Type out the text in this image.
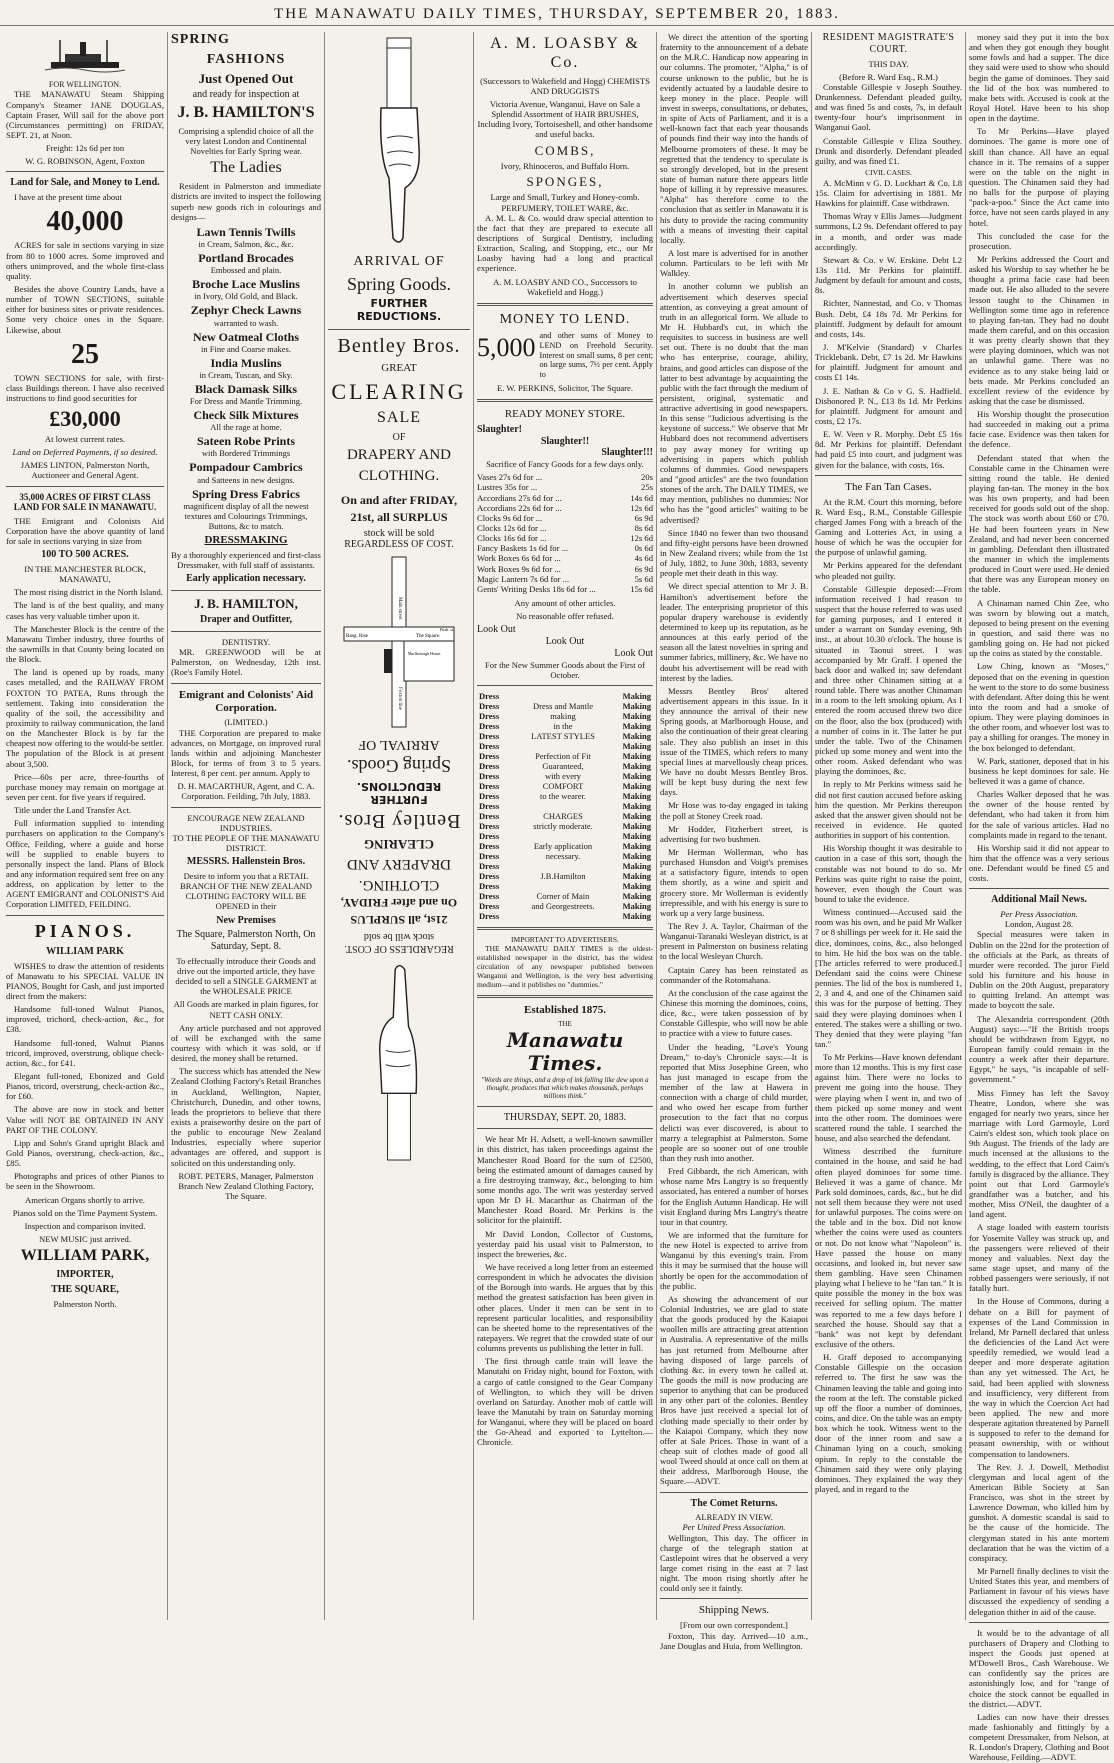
THE MANAWATU DAILY TIMES, THURSDAY, SEPTEMBER 20, 1883.
FOR WELLINGTON.

THE MANAWATU Steam Shipping Company's Steamer JANE DOUGLAS, Captain Fraser, Will sail for the above port (Circumstances permitting) on FRIDAY, SEPT. 21, at Noon.

Freight: 12s 6d per ton

W. G. ROBINSON, Agent, Foxton

Land for Sale, and Money to Lend.

I have at the present time about

40,000

ACRES for sale in sections varying in size from 80 to 1000 acres. Some improved and others unimproved, and the whole first-class quality.

Besides the above Country Lands, have a number of TOWN SECTIONS, suitable either for business sites or private residences. Some very choice ones in the Square. Likewise, about

25

TOWN SECTIONS for sale, with first-class Buildings thereon. I have also received instructions to find good securities for

£30,000

At lowest current rates.

Land on Deferred Payments, if so desired.

JAMES LINTON, Palmerston North, Auctioneer and General Agent.

35,000 ACRES OF FIRST CLASS LAND FOR SALE IN MANAWATU.

THE Emigrant and Colonists Aid Corporation have the above quantity of land for sale in sections varying in size from

100 TO 500 ACRES.

IN THE MANCHESTER BLOCK, MANAWATU,

The most rising district in the North Island.

The land is of the best quality, and many cases has very valuable timber upon it.

The Manchester Block is the centre of the Manawatu Timber industry, three fourths of the sawmills in that County being located on the Block.

The land is opened up by roads, many cases metalled, and the RAILWAY FROM FOXTON TO PATEA, Runs through the settlement. Taking into consideration the quality of the soil, the accessibility and proximity to railway communication, the land on the Manchester Block is by far the cheapest now offering to the would-be settler. The population of the Block is at present about 3,500.

Price—60s per acre, three-fourths of purchase money may remain on mortgage at seven per cent. for five years if required.

Title under the Land Transfer Act.

Full information supplied to intending purchasers on application to the Company's Office, Feilding, where a guide and horse will be supplied to enable buyers to personally inspect the land. Plans of Block and any information required sent free on any address, on application by letter to the AGENT EMIGRANT and COLONIST'S Aid Corporation LIMITED, FEILDING.

PIANOS.
WILLIAM PARK

WISHES to draw the attention of residents of Manawatu to his SPECIAL VALUE IN PIANOS, Bought for Cash, and just imported direct from the makers:

Handsome full-toned Walnut Pianos, improved, trichord, check-action, &c., for £38.

Handsome full-toned, Walnut Pianos tricord, improved, overstrung, oblique check-action, &c., for £41.

Elegant full-toned, Ebonized and Gold Pianos, tricord, overstrung, check-action &c., for £60.

The above are now in stock and better Value will NOT BE OBTAINED IN ANY PART OF THE COLONY.

Lipp and Sohn's Grand upright Black and Gold Pianos, overstrung, check-action, &c., £85.

Photographs and prices of other Pianos to be seen in the Showroom.

American Organs shortly to arrive.

Pianos sold on the Time Payment System.

Inspection and comparison invited.

NEW MUSIC just arrived.

WILLIAM PARK,
IMPORTER,
THE SQUARE,
Palmerston North.
SPRING
FASHIONS
Just Opened Out
and ready for inspection at
J. B. HAMILTON'S

Comprising a splendid choice of all the very latest London and Continental Novelties for Early Spring wear.

The Ladies

Resident in Palmerston and immediate districts are invited to inspect the following superb new goods rich in colourings and designs—

Lawn Tennis Twills
in Cream, Salmon, &c., &c.
Portland Brocades
Embossed and plain.
Broche Lace Muslins
in Ivory, Old Gold, and Black.
Zephyr Check Lawns
warranted to wash.
New Oatmeal Cloths
in Fine and Coarse makes.
India Muslins
in Cream, Tuscan, and Sky.
Black Damask Silks
For Dress and Mantle Trimming.
Check Silk Mixtures
All the rage at home.
Sateen Robe Prints
with Bordered Trimmings
Pompadour Cambrics
and Satteens in new designs.
Spring Dress Fabrics
magnificent display of all the newest textures and Colourings Trimmings, Buttons, &c to match.
DRESSMAKING

By a thoroughly experienced and first-class Dressmaker, with full staff of assistants.

Early application necessary.
J. B. HAMILTON,
Draper and Outfitter,
DENTISTRY.

MR. GREENWOOD will be at Palmerston, on Wednesday, 12th inst. (Roe's Family Hotel.

Emigrant and Colonists' Aid Corporation.
(LIMITED.)

THE Corporation are prepared to make advances, on Mortgage, on improved rural lands within and adjoining Manchester Block, for terms of from 3 to 5 years. Interest, 8 per cent. per annum. Apply to

D. H. MACARTHUR, Agent, and C. A. Corporation. Feilding, 7th July, 1883.

ENCOURAGE NEW ZEALAND INDUSTRIES.

TO THE PEOPLE OF THE MANAWATU DISTRICT.

MESSRS. Hallenstein Bros.

Desire to inform you that a RETAIL BRANCH OF THE NEW ZEALAND CLOTHING FACTORY WILL BE OPENED in their

New Premises

The Square, Palmerston North, On Saturday, Sept. 8.

To effectually introduce their Goods and drive out the imported article, they have decided to sell a SINGLE GARMENT at the WHOLESALE PRICE

All Goods are marked in plain figures, for NETT CASH ONLY.

Any article purchased and not approved of will be exchanged with the same courtesy with which it was sold, or if desired, the money shall be returned.

The success which has attended the New Zealand Clothing Factory's Retail Branches in Auckland, Wellington, Napier, Christchurch, Dunedin, and other towns, leads the proprietors to believe that there exists a praiseworthy desire on the part of the public to encourage New Zealand Industries, especially where superior advantages are offered, and support is solicited on this understanding only.

ROBT. PETERS, Manager, Palmerston Branch New Zealand Clothing Factory, The Square.

ARRIVAL OF
Spring Goods.
FURTHER REDUCTIONS.
Bentley Bros.
GREAT
CLEARING
SALE
OF
DRAPERY AND
CLOTHING.
On and after FRIDAY,
21st, all SURPLUS
stock will be sold
REGARDLESS OF COST.
Main street
The Square.
Rang. Rise
Marlborough House.
Foxton line
Fitzh. st.
REGARDLESS OF COST.
stock will be sold
21st, all SURPLUS
On and after FRIDAY,
CLOTHING.
DRAPERY AND
CLEARING
Bentley Bros.
FURTHER REDUCTIONS.
Spring Goods.
ARRIVAL OF
A. M. LOASBY & Co.

(Successors to Wakefield and Hogg) CHEMISTS AND DRUGGISTS

Victoria Avenue, Wanganui, Have on Sale a Splendid Assortment of HAIR BRUSHES, Including Ivory, Tortoiseshell, and other handsome and useful backs.

COMBS,
Ivory, Rhinoceros, and Buffalo Horn.
SPONGES,
Large and Small, Turkey and Honey-comb.
PERFUMERY, TOILET WARE, &c.

A. M. L. & Co. would draw special attention to the fact that they are prepared to execute all descriptions of Surgical Dentistry, including Extraction, Scaling, and Stopping, etc., our Mr Loasby having had a long and practical experience.

A. M. LOASBY AND CO., Successors to Wakefield and Hogg.)

MONEY TO LEND.
5,000 and other sums of Money to LEND on Freehold Security. Interest on small sums, 8 per cent; on large sums, 7½ per cent. Apply to

E. W. PERKINS, Solicitor, The Square.

READY MONEY STORE.
Slaughter!
Slaughter!!
Slaughter!!!

Sacrifice of Fancy Goods for a few days only.

Vases 27s 6d for ...	20s
Lustres 35s for ...	25s
Accordians 27s 6d for ...	14s 6d
Accordians 22s 6d for ...	12s 6d
Clocks 9s 6d for ...	6s 9d
Clocks 12s 6d for ...	8s 6d
Clocks 16s 6d for ...	12s 6d
Fancy Baskets 1s 6d for ...	0s 6d
Work Boxes 6s 6d for ...	4s 6d
Work Boxes 9s 6d for ...	6s 9d
Magic Lantern 7s 6d for ...	5s 6d
Gents' Writing Desks 18s 6d for ...	15s 6d

Any amount of other articles.

No reasonable offer refused.

Look Out
Look Out
Look Out

For the New Summer Goods about the First of October.

Dress		Making
Dress	Dress and Mantle	Making
Dress	making	Making
Dress	in the	Making
Dress	LATEST STYLES	Making
Dress		Making
Dress	Perfection of Fit	Making
Dress	Guaranteed,	Making
Dress	with every	Making
Dress	COMFORT	Making
Dress	to the wearer.	Making
Dress		Making
Dress	CHARGES	Making
Dress	strictly moderate.	Making
Dress		Making
Dress	Early application	Making
Dress	necessary.	Making
Dress		Making
Dress	J.B.Hamilton	Making
Dress		Making
Dress	Corner of Main	Making
Dress	and Georgestreets.	Making
Dress		Making
IMPORTANT TO ADVERTISERS.

THE MANAWATU DAILY TIMES is the oldest-established newspaper in the district, has the widest circulation of any newspaper published between Wanganui and Wellington, is the very best advertising medium—and it publishes no "dummies."

Established 1875.
THE
Manawatu Times.

"Words are things, and a drop of ink falling like dew upon a thought, produces that which makes thousands, perhaps millions think."

THURSDAY, SEPT. 20, 1883.

We hear Mr H. Adsett, a well-known sawmiller in this district, has taken proceedings against the Manchester Road Board for the sum of £2500, being the estimated amount of damages caused by a fire destroying tramway, &c., belonging to him some months ago. The writ was yesterday served upon Mr D H. Macarthur as Chairman of the Manchester Road Board. Mr Perkins is the solicitor for the plaintiff.

Mr David London, Collector of Customs, yesterday paid his usual visit to Palmerston, to inspect the breweries, &c.

We have received a long letter from an esteemed correspondent in which he advocates the division of the Borough into wards. He argues that by this method the greatest satisfaction has been given in other places. Under it men can be sent in to represent particular localities, and responsibility can be sheeted home to the representatives of the ratepayers. We regret that the crowded state of our columns prevents us publishing the letter in full.

The first through cattle train will leave the Manutahi on Friday night, bound for Foxton, with a cargo of cattle consigned to the Gear Company of Wellington, to which they will be driven overland on Saturday. Another mob of cattle will leave the Manutahi by train on Saturday morning for Wanganui, where they will be placed on board the Go-Ahead and exported to Lyttelton.—Chronicle.

We direct the attention of the sporting fraternity to the announcement of a debate on the M.R.C. Handicap now appearing in our columns. The promoter, "Alpha," is of course unknown to the public, but he is evidently actuated by a laudable desire to keep money in the place. People will invest in sweeps, consultations, or debates, in spite of Acts of Parliament, and it is a well-known fact that each year thousands of pounds find their way into the hands of Melbourne promoters of these. It may be regretted that the tendency to speculate is so strongly developed, but in the present state of human nature there appears little hope of killing it by repressive measures. "Alpha" has therefore come to the conclusion that as settler in Manawatu it is his duty to provide the racing community with a means of investing their capital locally.

A lost mare is advertised for in another column. Particulars to be left with Mr Walkley.

In another column we publish an advertisement which deserves special attention, as conveying a great amount of truth in an allegorical form. We allude to Mr H. Hubbard's cut, in which the requisites to success in business are well set out. There is no doubt that the man who has enterprise, courage, ability, brains, and good articles can dispose of the latter to best advantage by acquainting the public with the fact through the medium of persistent, original, systematic and attractive advertising in good newspapers. In this sense "Judicious advertising is the keystone of success." We observe that Mr Hubbard does not recommend advertisers to pay away money for writing up advertising in papers which publish columns of dummies. Good newspapers and "good articles" are the two foundation stones of the arch. The DAILY TIMES, we may mention, publishes no dummies: Nor who has the "good articles" waiting to be advertised?

Since 1840 no fewer than two thousand and fifty-eight persons have been drowned in New Zealand rivers; while from the 1st of July, 1882, to June 30th, 1883, seventy people met their death in this way.

We direct special attention to Mr J. B. Hamilton's advertisement before the leader. The enterprising proprietor of this popular drapery warehouse is evidently determined to keep up its reputation, as he announces at this early period of the season all the latest novelties in spring and summer fabrics, millinery, &c. We have no doubt his advertisement will be read with interest by the ladies.

Messrs Bentley Bros' altered advertisement appears in this issue. In it they announce the arrival of their new Spring goods, at Marlborough House, and also the continuation of their great clearing sale. They also publish an inset in this issue of the TIMES, which refers to many special lines at marvellously cheap prices. We have no doubt Messrs Bentley Bros. will be kept busy during the next few days.

Mr Hose was to-day engaged in taking the poll at Stoney Creek road.

Mr Hodder, Fitzherbert street, is advertising for two bushmen.

Mr Herman Wollerman, who has purchased Hunsdon and Voigt's premises at a satisfactory figure, intends to open them shortly, as a wine and spirit and grocery store. Mr Wollerman is evidently irrepressible, and with his energy is sure to work up a very large business.

The Rev J. A. Taylor, Chairman of the Wanganui-Taranaki Wesleyan district, is at present in Palmerston on business relating to the local Wesleyan Church.

Captain Carey has been reinstated as commander of the Rotomahana.

At the conclusion of the case against the Chinese this morning the dominoes, coins, dice, &c., were taken possession of by Constable Gillespie, who will now be able to practice with a view to future cases.

Under the heading, "Love's Young Dream," to-day's Chronicle says:—It is reported that Miss Josephine Green, who has just managed to escape from the member of the law at Hawera in connection with a charge of child murder, and who owed her escape from further prosecution to the fact that no corpus delicti was ever discovered, is about to marry a telegraphist at Palmerston. Some people are so sooner out of one trouble than they rush into another.

Fred Gibbardt, the rich American, with whose name Mrs Langtry is so frequently associated, has entered a number of horses for the English Autumn Handicap. He will visit England during Mrs Langtry's theatre tour in that country.

We are informed that the furniture for the new Hotel is expected to arrive from Wanganui by this evening's train. From this it may be surmised that the house will shortly be open for the accommodation of the public.

As showing the advancement of our Colonial Industries, we are glad to state that the goods produced by the Kaiapoi woollen mills are attracting great attention in Australia. A representative of the mills has just returned from Melbourne after having disposed of large parcels of clothing &c. in every town he called at. The goods the mill is now producing are superior to anything that can be produced in any other part of the colonies. Bentley Bros have just received a special lot of clothing made specially to their order by the Kaiapoi Company, which they now offer at Sale Prices. Those in want of a cheap suit of clothes made of good all wool Tweed should at once call on them at their address, Marlborough House, the Square.—ADVT.

The Comet Returns.
ALREADY IN VIEW.
Per United Press Association.

Wellington, This day. The officer in charge of the telegraph station at Castlepoint wires that he observed a very large comet rising in the east at 7 last night. The moon rising shortly after he could only see it faintly.

Shipping News.
[From our own correspondent.]

Foxton, This day. Arrived—10 a.m., Jane Douglas and Huia, from Wellington.

RESIDENT MAGISTRATE'S COURT.
THIS DAY.
(Before R. Ward Esq., R.M.)

Constable Gillespie v Joseph Southey. Drunkenness. Defendant pleaded guilty, and was fined 5s and costs, 7s, in default twenty-four hour's imprisonment in Wanganui Gaol.

Constable Gillespie v Eliza Southey. Drunk and disorderly. Defendant pleaded guilty, and was fined £1.

CIVIL CASES.

A. McMinn v G. D. Lockhart & Co. L8 15s. Claim for advertising in 1881. Mr Hawkins for plaintiff. Case withdrawn.

Thomas Wray v Ellis James—Judgment summons, L2 9s. Defendant offered to pay in a month, and order was made accordingly.

Stewart & Co. v W. Erskine. Debt L2 13s 11d. Mr Perkins for plaintiff. Judgment by default for amount and costs, 8s.

Richter, Nannestad, and Co. v Thomas Bush. Debt, £4 18s 7d. Mr Perkins for plaintiff. Judgment by default for amount and costs, 14s.

J. M'Kelvie (Standard) v Charles Tricklebank. Debt, £7 1s 2d. Mr Hawkins for plaintiff. Judgment for amount and costs £1 14s.

J. E. Nathan & Co v G. S. Hadfield. Dishonored P. N., £13 8s 1d. Mr Perkins for plaintiff. Judgment for amount and costs, £2 17s.

E. W. Veen v R. Morphy. Debt £5 16s 8d. Mr Perkins for plaintiff. Defendant had paid £5 into court, and judgment was given for the balance, with costs, 16s.

The Fan Tan Cases.

At the R.M. Court this morning, before R. Ward Esq., R.M., Constable Gillespie charged James Fong with a breach of the Gaming and Lotteries Act, in using a house of which he was the occupier for the purpose of unlawful gaming.

Mr Perkins appeared for the defendant who pleaded not guilty.

Constable Gillespie deposed:—From information received I had reason to suspect that the house referred to was used for gaming purposes, and I entered it under a warrant on Sunday evening, 9th inst., at about 10.30 o'clock. The house is situated in Taonui street. I was accompanied by Mr Graff. I opened the back door and walked in; saw defendant and three other Chinamen sitting at a round table. There was another Chinaman in a room to the left smoking opium. As I entered the room accused threw two dice on the floor, also the box (produced) with a number of coins in it. The latter he put under the table. Two of the Chinamen picked up some money and went into the other room. Asked defendant who was playing the dominoes, &c.

In reply to Mr Perkins witness said he did not first caution accused before asking him the question. Mr Perkins thereupon asked that the answer given should not be received in evidence. He quoted authorities in support of his contention.

His Worship thought it was desirable to caution in a case of this sort, though the constable was not bound to do so. Mr Perkins was quite right to raise the point, however, even though the Court was bound to take the evidence.

Witness continued—Accused said the room was his own, and he paid Mr Walker 7 or 8 shillings per week for it. He said the dice, dominoes, coins, &c., also belonged to him. He hid the box was on the table. [The articles referred to were produced.] Defendant said the coins were Chinese pennies. The lid of the box is numbered 1, 2, 3 and 4, and one of the Chinamen said this was for the purpose of betting. They said they were playing dominoes when I entered. The stakes were a shilling or two. They denied that they were playing "fan tan."

To Mr Perkins—Have known defendant more than 12 months. This is my first case against him. There were no locks to prevent me going into the house. They were playing when I went in, and two of them picked up some money and went into the other room. The dominoes were scattered round the table. I searched the house, and also searched the defendant.

Witness described the furniture contained in the house, and said he had often played dominoes for some time. Believed it was a game of chance. Mr Park sold dominoes, cards, &c., but he did not sell them because they were not used for unlawful purposes. The coins were on the table and in the box. Did not know whether the coins were used as counters or not. Do not know what "Napoleon" is. Have passed the house on many occasions, and looked in, but never saw them gambling. Have seen Chinamen playing what I believe to be "fan tan." It is quite possible the money in the box was received for selling opium. The matter was reported to me a few days before I searched the house. Should say that a "bank" was not kept by defendant exclusive of the others.

H. Graff deposed to accompanying Constable Gillespie on the occasion referred to. The first he saw was the Chinamen leaving the table and going into the room at the left. The constable picked up off the floor a number of dominoes, coins, and dice. On the table was an empty box which he took. Witness went to the door of the inner room and saw a Chinaman lying on a couch, smoking opium. In reply to the constable the Chinamen said they were only playing dominoes. They explained the way they played, and in regard to the

money said they put it into the box and when they got enough they bought some fowls and had a supper. The dice they said were used to show who should begin the game of dominoes. They said the lid of the box was numbered to make bets with. Accused is cook at the Royal Hotel. Have been to his shop open in the daytime.

To Mr Perkins—Have played dominoes. The game is more one of skill than chance. All have an equal chance in it. The remains of a supper were on the table on the night in question. The Chinamen said they had no balls for the purpose of playing "pack-a-poo." Since the Act came into force, have not seen cards played in any hotel.

This concluded the case for the prosecution.

Mr Perkins addressed the Court and asked his Worship to say whether he be thought a prima facie case had been made out. He also alluded to the severe lesson taught to the Chinamen in Wellington some time ago in reference to playing fan-tan. They had no doubt made them careful, and on this occasion it was pretty clearly shown that they were playing dominoes, which was not an unlawful game. There was no evidence as to any stake being laid or bets made. Mr Perkins concluded an excellent review of the evidence by asking that the case be dismissed.

His Worship thought the prosecution had succeeded in making out a prima facie case. Evidence was then taken for the defence.

Defendant stated that when the Constable came in the Chinamen were sitting round the table. He denied playing fan-tan. The money in the box was his own property, and had been received for goods sold out of the shop. The stock was worth about £60 or £70. He had been fourteen years in New Zealand, and had never been concerned in gambling. Defendant then illustrated the manner in which the implements produced in Court were used. He denied that there was any European money on the table.

A Chinaman named Chin Zee, who was sworn by blowing out a match, deposed to being present on the evening in question, and said there was no gambling going on. He had not picked up the coins as stated by the constable.

Low Ching, known as "Moses," deposed that on the evening in question he went to the store to do some business with defendant. After doing this he went into the room and had a smoke of opium. They were playing dominoes in the other room, and whoever lost was to pay a shilling for oranges. The money in the box belonged to defendant.

W. Park, stationer, deposed that in his business he kept dominoes for sale. He believed it was a game of chance.

Charles Walker deposed that he was the owner of the house rented by defendant, who had taken it from him for the sale of various articles. Had no complaints made in regard to the tenant.

His Worship said it did not appear to him that the offence was a very serious one. Defendant would be fined £5 and costs.

Additional Mail News.
Per Press Association.
London, August 28.

Special measures were taken in Dublin on the 22nd for the protection of the officials at the Park, as threats of murder were recorded. The juror Field sold his furniture and his house in Dublin on the 20th August, preparatory to quitting Ireland. An attempt was made to boycott the sale.

The Alexandria correspondent (20th August) says:—"If the British troops should be withdrawn from Egypt, no European family could remain in the country a week after their departure. Egypt," he says, "is incapable of self-government."

Miss Finney has left the Savoy Theatre, London, where she was engaged for nearly two years, since her marriage with Lord Garmoyle, Lord Cairn's eldest son, which took place on 9th August. The friends of the lady are much incensed at the allusions to the wedding, to the effect that Lord Cairn's family is disgraced by the alliance. They point out that Lord Garmoyle's grandfather was a butcher, and his mother, Miss O'Neil, the daughter of a land agent.

A stage loaded with eastern tourists for Yosemite Valley was struck up, and the passengers were relieved of their money and valuables. Next day the same stage upset, and many of the robbed passengers were seriously, if not fatally hurt.

In the House of Commons, during a debate on a Bill for payment of expenses of the Land Commission in Ireland, Mr Parnell declared that unless the deficiencies of the Land Act were speedily remedied, we would lead a deeper and more desperate agitation than any yet witnessed. The Act, he said, had been applied with slowness and insufficiency, very different from the way in which the Coercion Act had been applied. The new and more desperate agitation threatened by Parnell is supposed to refer to the demand for peasant ownership, with or without compensation to landowners.

The Rev. J. J. Dowell, Methodist clergyman and local agent of the American Bible Society at San Francisco, was shot in the street by Lawrence Dowman, who killed him by gunshot. A domestic scandal is said to be the cause of the homicide. The clergyman stated in his ante mortem declaration that he was the victim of a conspiracy.

Mr Parnell finally declines to visit the United States this year, and members of Parliament in favour of his views have discussed the expediency of sending a delegation thither in aid of the cause.

It would be to the advantage of all purchasers of Drapery and Clothing to inspect the Goods just opened at M'Dowell Bros., Cash Warehouse. We can confidently say the prices are astonishingly low, and for "range of choice the stock cannot be equalled in the district.—ADVT.

Ladies can now have their dresses made fashionably and fittingly by a competent Dressmaker, from Nelson, at R. London's Drapery, Clothing and Boot Warehouse, Feilding.—ADVT.
